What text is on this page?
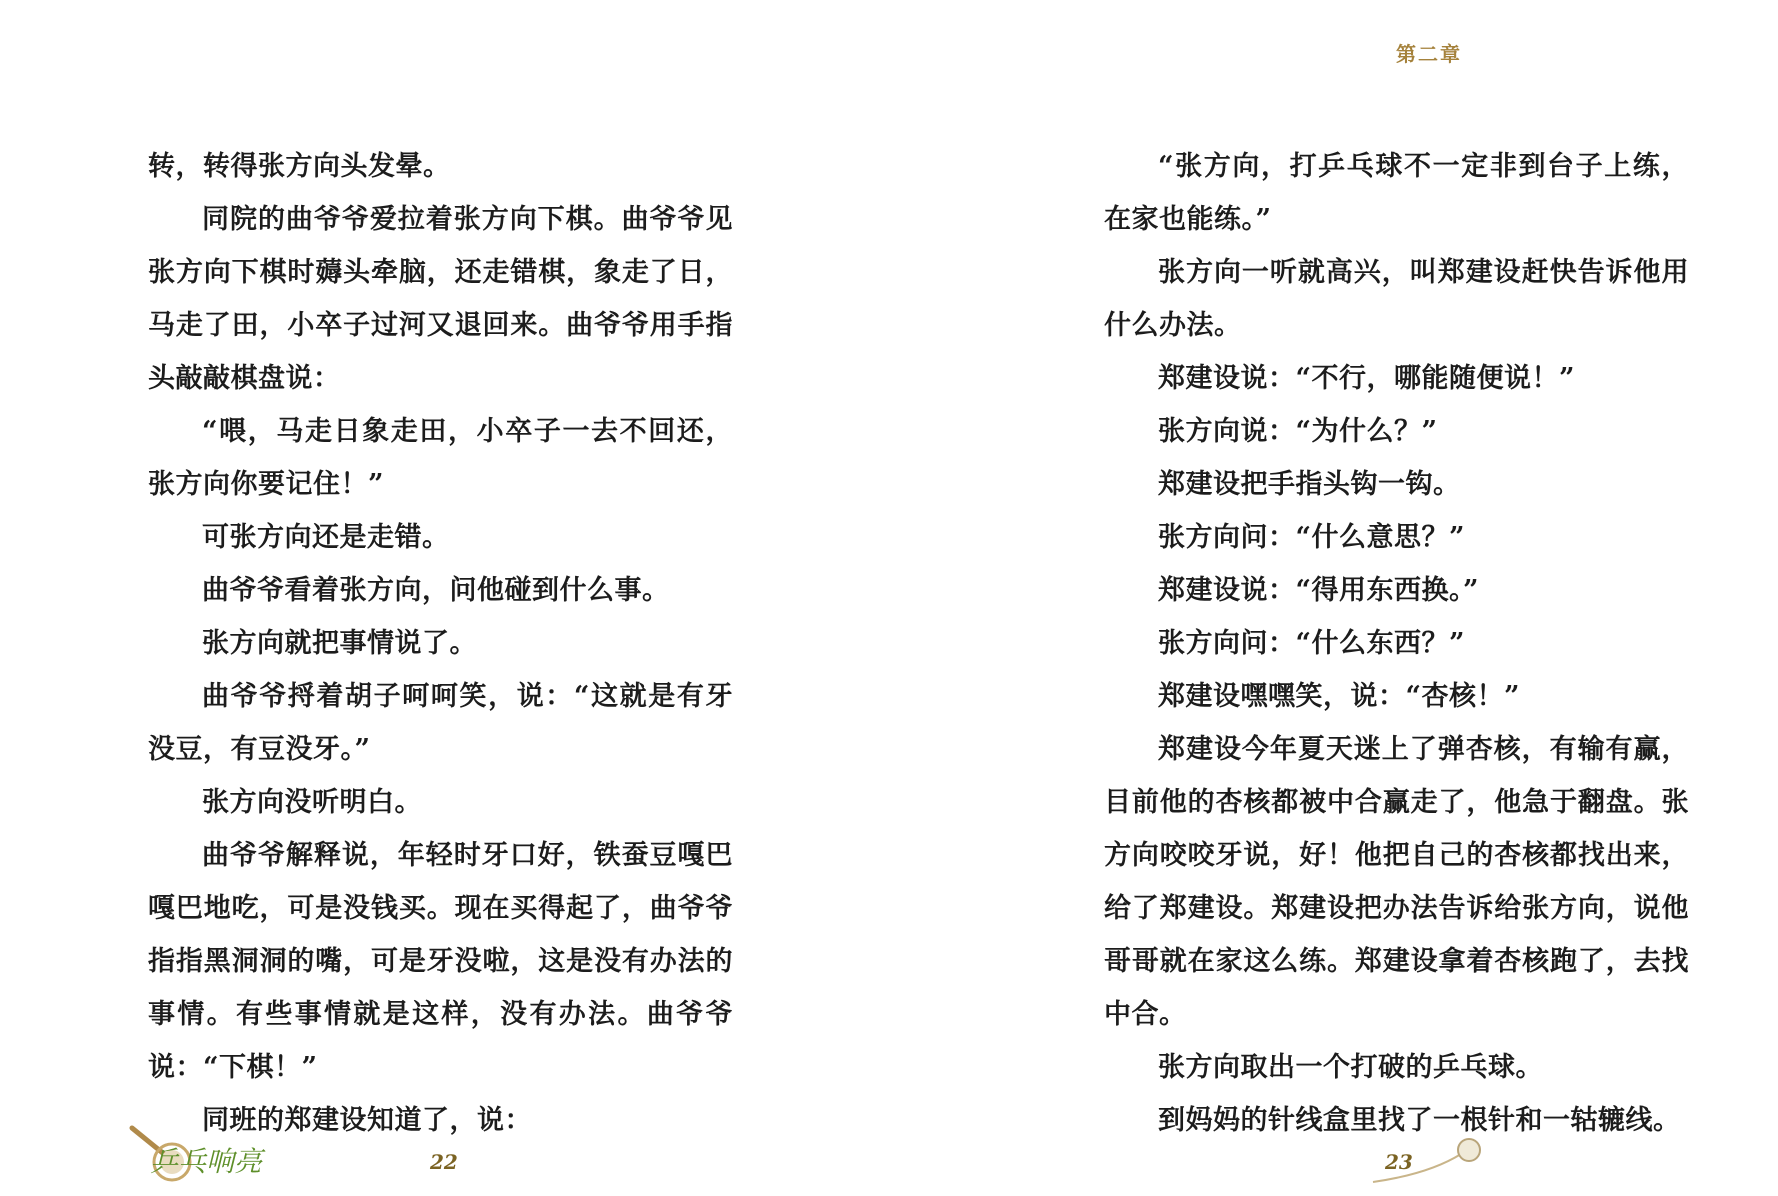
转，转得张方向头发晕。

同院的曲爷爷爱拉着张方向下棋。曲爷爷见张方向下棋时薅头牵脑，还走错棋，象走了日，马走了田，小卒子过河又退回来。曲爷爷用手指头敲敲棋盘说：

“喂，马走日象走田，小卒子一去不回还，张方向你要记住！”

可张方向还是走错。

曲爷爷看着张方向，问他碰到什么事。

张方向就把事情说了。

曲爷爷捋着胡子呵呵笑，说：“这就是有牙没豆，有豆没牙。”

张方向没听明白。

曲爷爷解释说，年轻时牙口好，铁蚕豆嘎巴嘎巴地吃，可是没钱买。现在买得起了，曲爷爷指指黑洞洞的嘴，可是牙没啦，这是没有办法的事情。有些事情就是这样，没有办法。曲爷爷说：“下棋！”

同班的郑建设知道了，说：

乒乓响亮	22
第二章

“张方向，打乒乓球不一定非到台子上练，在家也能练。”

张方向一听就高兴，叫郑建设赶快告诉他用什么办法。

郑建设说：“不行，哪能随便说！”

张方向说：“为什么？”

郑建设把手指头钩一钩。

张方向问：“什么意思？”

郑建设说：“得用东西换。”

张方向问：“什么东西？”

郑建设嘿嘿笑，说：“杏核！”

郑建设今年夏天迷上了弹杏核，有输有赢，目前他的杏核都被中合赢走了，他急于翻盘。张方向咬咬牙说，好！他把自己的杏核都找出来，给了郑建设。郑建设把办法告诉给张方向，说他哥哥就在家这么练。郑建设拿着杏核跑了，去找中合。

张方向取出一个打破的乒乓球。

到妈妈的针线盒里找了一根针和一轱辘线。

23
